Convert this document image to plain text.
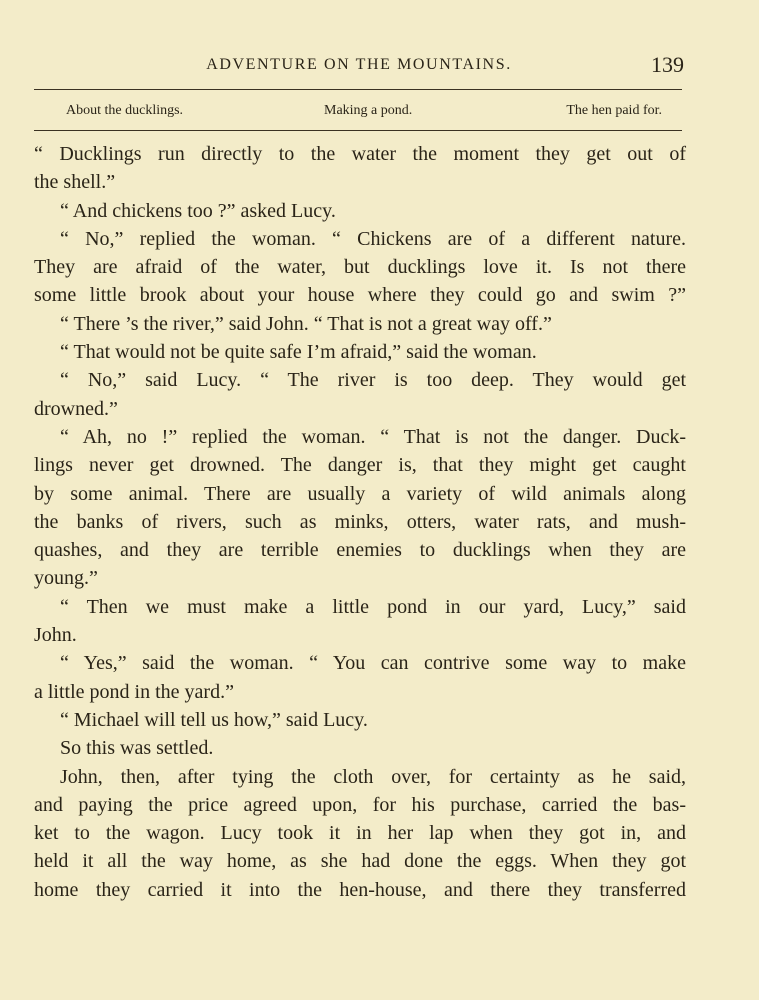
ADVENTURE ON THE MOUNTAINS.	139
About the ducklings.	Making a pond.	The hen paid for.
“ Ducklings run directly to the water the moment they get out of
the shell.”
“ And chickens too ?” asked Lucy.
“ No,” replied the woman. “ Chickens are of a different nature.
They are afraid of the water, but ducklings love it. Is not there
some little brook about your house where they could go and swim ?”
“ There ’s the river,” said John. “ That is not a great way off.”
“ That would not be quite safe I’m afraid,” said the woman.
“ No,” said Lucy. “ The river is too deep. They would get
drowned.”
“ Ah, no !” replied the woman. “ That is not the danger. Duck-
lings never get drowned. The danger is, that they might get caught
by some animal. There are usually a variety of wild animals along
the banks of rivers, such as minks, otters, water rats, and mush-
quashes, and they are terrible enemies to ducklings when they are
young.”
“ Then we must make a little pond in our yard, Lucy,” said
John.
“ Yes,” said the woman. “ You can contrive some way to make
a little pond in the yard.”
“ Michael will tell us how,” said Lucy.
So this was settled.
John, then, after tying the cloth over, for certainty as he said,
and paying the price agreed upon, for his purchase, carried the bas-
ket to the wagon. Lucy took it in her lap when they got in, and
held it all the way home, as she had done the eggs. When they got
home they carried it into the hen-house, and there they transferred
